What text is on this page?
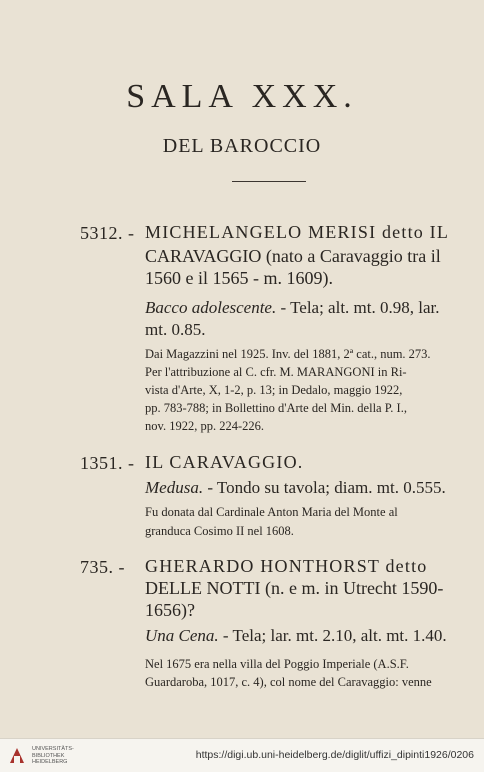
SALA XXX.
DEL BAROCCIO
5312. - MICHELANGELO MERISI detto IL
CARAVAGGIO (nato a Caravaggio tra il
1560 e il 1565 - m. 1609).
Bacco adolescente. - Tela; alt. mt. 0.98, lar.
mt. 0.85.
Dai Magazzini nel 1925. Inv. del 1881, 2ª cat., num. 273.
Per l'attribuzione al C. cfr. M. MARANGONI in Ri-
vista d'Arte, X, 1-2, p. 13; in Dedalo, maggio 1922,
pp. 783-788; in Bollettino d'Arte del Min. della P. I.,
nov. 1922, pp. 224-226.
1351. - IL CARAVAGGIO.
Medusa. - Tondo su tavola; diam. mt. 0.555.
Fu donata dal Cardinale Anton Maria del Monte al
granduca Cosimo II nel 1608.
735. -	GHERARDO HONTHORST detto
DELLE NOTTI (n. e m. in Utrecht 1590-
1656)?
Una Cena. - Tela; lar. mt. 2.10, alt. mt. 1.40.
Nel 1675 era nella villa del Poggio Imperiale (A.S.F.
Guardaroba, 1017, c. 4), col nome del Caravaggio: venne
UNIVERSITÄTS-
BIBLIOTHEK
HEIDELBERG
https://digi.ub.uni-heidelberg.de/diglit/uffizi_dipinti1926/0206
